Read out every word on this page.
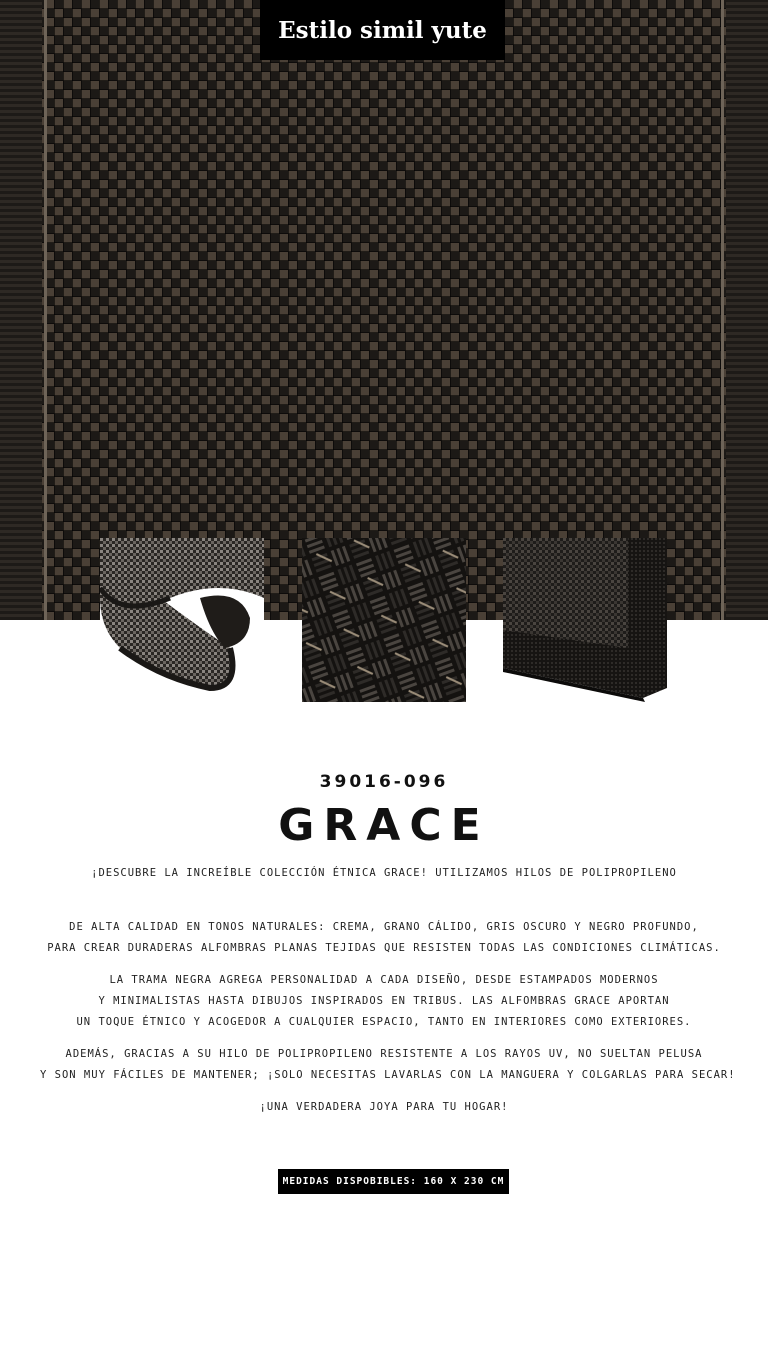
Estilo simil yute
39016-096
GRACE
¡DESCUBRE LA INCREÍBLE COLECCIÓN ÉTNICA GRACE! UTILIZAMOS HILOS DE POLIPROPILENO
DE ALTA CALIDAD EN TONOS NATURALES: CREMA, GRANO CÁLIDO, GRIS OSCURO Y NEGRO PROFUNDO,
PARA CREAR DURADERAS ALFOMBRAS PLANAS TEJIDAS QUE RESISTEN TODAS LAS CONDICIONES CLIMÁTICAS.
LA TRAMA NEGRA AGREGA PERSONALIDAD A CADA DISEÑO, DESDE ESTAMPADOS MODERNOS
Y MINIMALISTAS HASTA DIBUJOS INSPIRADOS EN TRIBUS. LAS ALFOMBRAS GRACE APORTAN
UN TOQUE ÉTNICO Y ACOGEDOR A CUALQUIER ESPACIO, TANTO EN INTERIORES COMO EXTERIORES.
ADEMÁS, GRACIAS A SU HILO DE POLIPROPILENO RESISTENTE A LOS RAYOS UV, NO SUELTAN PELUSA
Y SON MUY FÁCILES DE MANTENER; ¡SOLO NECESITAS LAVARLAS CON LA MANGUERA Y COLGARLAS PARA SECAR!
¡UNA VERDADERA JOYA PARA TU HOGAR!
MEDIDAS DISPOBIBLES: 160 X 230 CM
